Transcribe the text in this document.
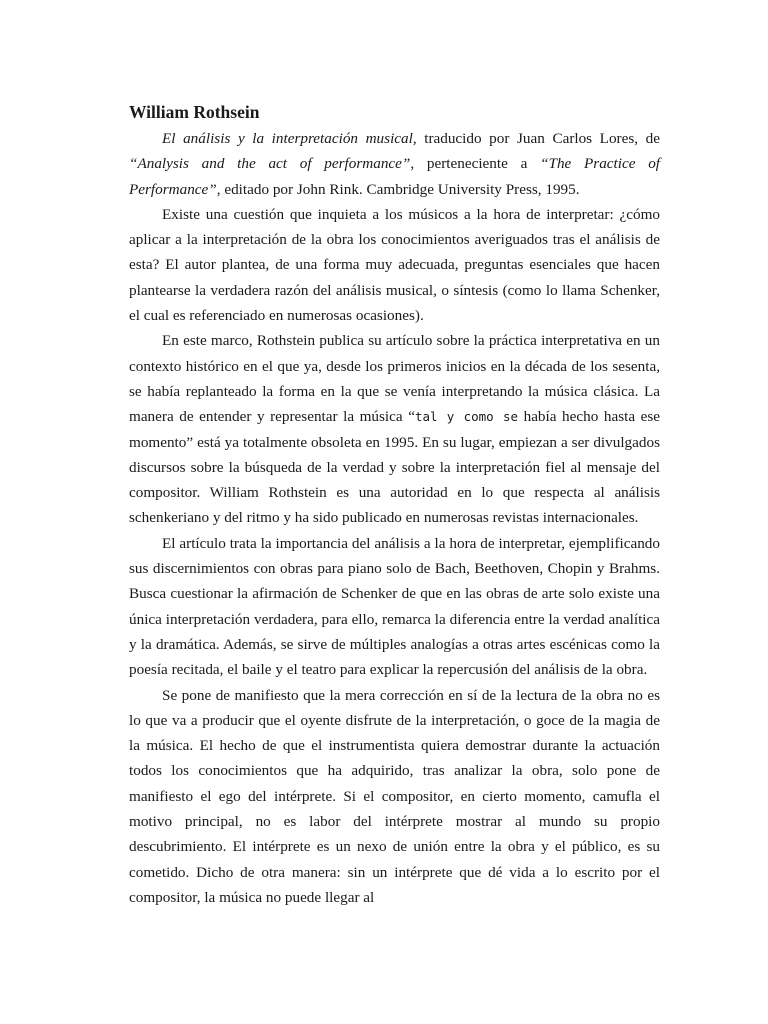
William Rothsein

El análisis y la interpretación musical, traducido por Juan Carlos Lores, de “Analysis and the act of performance”, perteneciente a “The Practice of Performance”, editado por John Rink. Cambridge University Press, 1995.

Existe una cuestión que inquieta a los músicos a la hora de interpretar: ¿cómo aplicar a la interpretación de la obra los conocimientos averiguados tras el análisis de esta? El autor plantea, de una forma muy adecuada, preguntas esenciales que hacen plantearse la verdadera razón del análisis musical, o síntesis (como lo llama Schenker, el cual es referenciado en numerosas ocasiones).

En este marco, Rothstein publica su artículo sobre la práctica interpretativa en un contexto histórico en el que ya, desde los primeros inicios en la década de los sesenta, se había replanteado la forma en la que se venía interpretando la música clásica. La manera de entender y representar la música “tal y como se había hecho hasta ese momento” está ya totalmente obsoleta en 1995. En su lugar, empiezan a ser divulgados discursos sobre la búsqueda de la verdad y sobre la interpretación fiel al mensaje del compositor. William Rothstein es una autoridad en lo que respecta al análisis schenkeriano y del ritmo y ha sido publicado en numerosas revistas internacionales.

El artículo trata la importancia del análisis a la hora de interpretar, ejemplificando sus discernimientos con obras para piano solo de Bach, Beethoven, Chopin y Brahms. Busca cuestionar la afirmación de Schenker de que en las obras de arte solo existe una única interpretación verdadera, para ello, remarca la diferencia entre la verdad analítica y la dramática. Además, se sirve de múltiples analogías a otras artes escénicas como la poesía recitada, el baile y el teatro para explicar la repercusión del análisis de la obra.

Se pone de manifiesto que la mera corrección en sí de la lectura de la obra no es lo que va a producir que el oyente disfrute de la interpretación, o goce de la magia de la música. El hecho de que el instrumentista quiera demostrar durante la actuación todos los conocimientos que ha adquirido, tras analizar la obra, solo pone de manifiesto el ego del intérprete. Si el compositor, en cierto momento, camufla el motivo principal, no es labor del intérprete mostrar al mundo su propio descubrimiento. El intérprete es un nexo de unión entre la obra y el público, es su cometido. Dicho de otra manera: sin un intérprete que dé vida a lo escrito por el compositor, la música no puede llegar al
